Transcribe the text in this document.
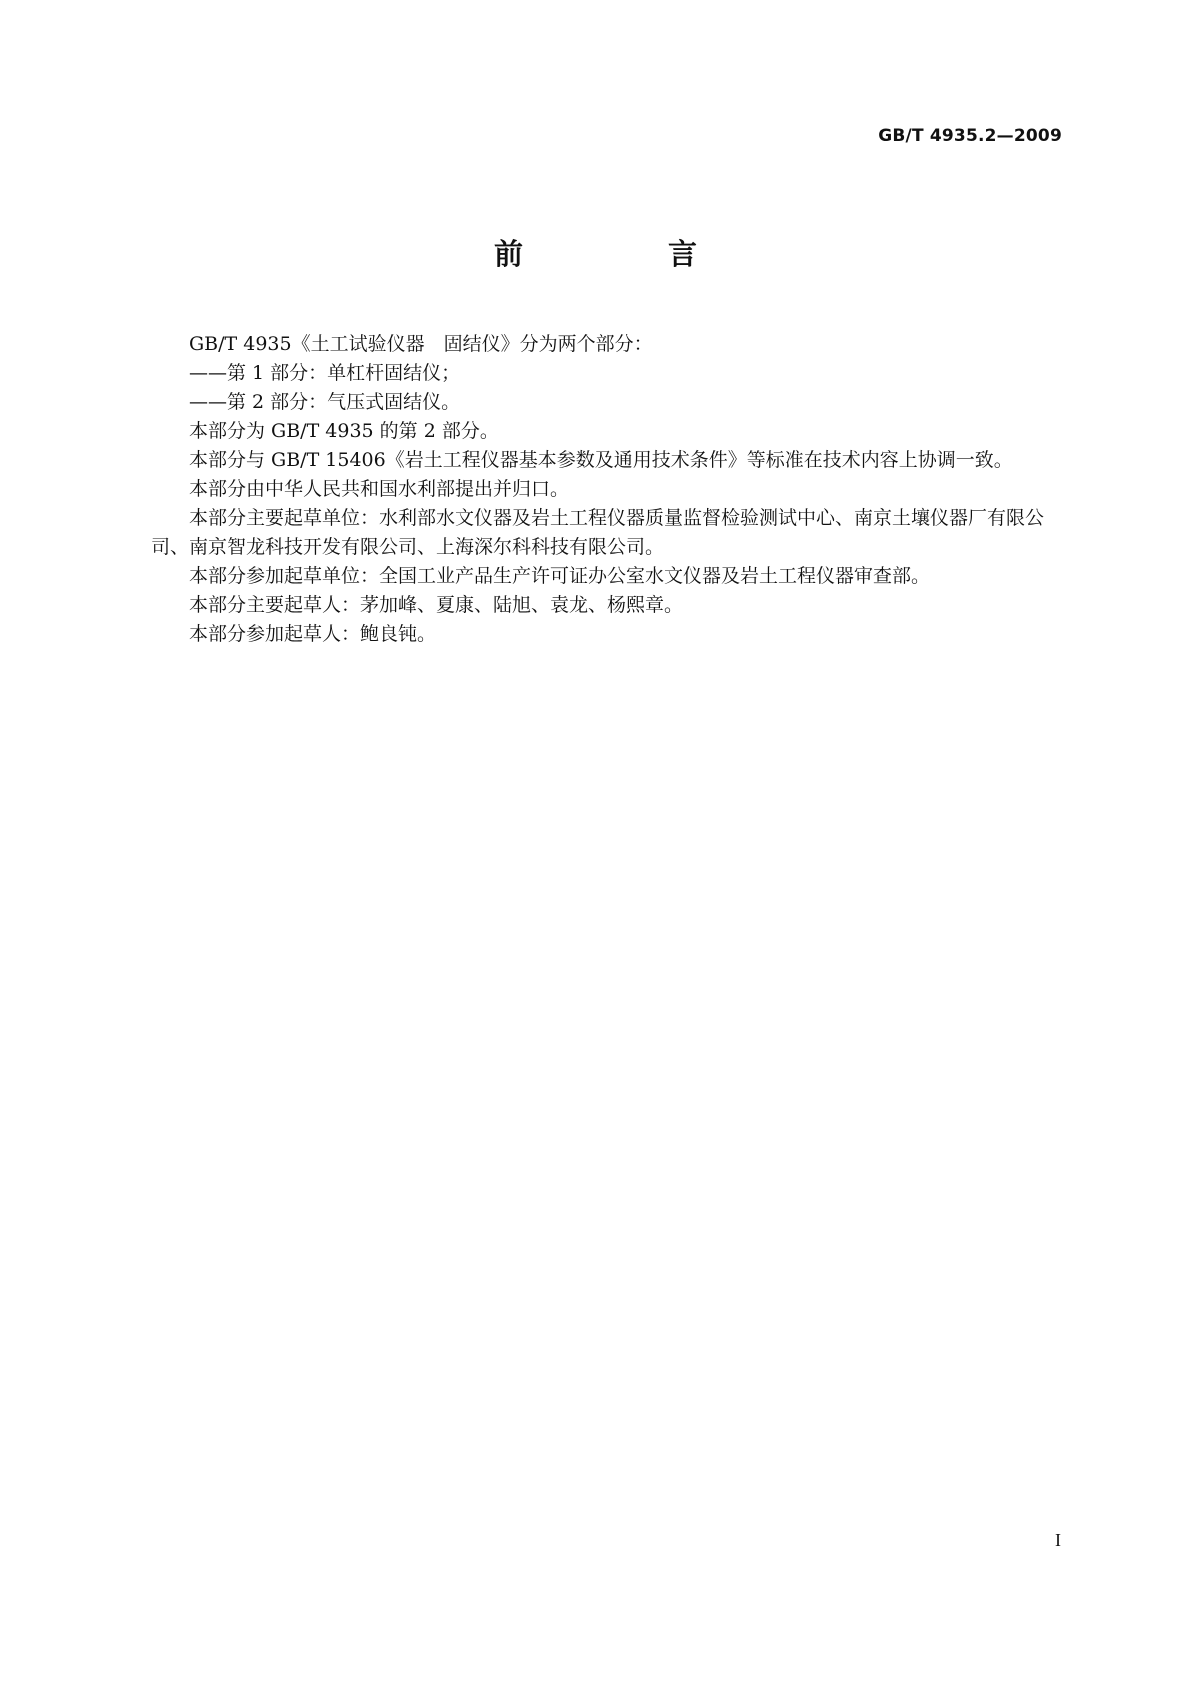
GB/T 4935.2—2009
前　言

GB/T 4935《土工试验仪器　固结仪》分为两个部分：

——第 1 部分：单杠杆固结仪；

——第 2 部分：气压式固结仪。

本部分为 GB/T 4935 的第 2 部分。

本部分与 GB/T 15406《岩土工程仪器基本参数及通用技术条件》等标准在技术内容上协调一致。

本部分由中华人民共和国水利部提出并归口。

本部分主要起草单位：水利部水文仪器及岩土工程仪器质量监督检验测试中心、南京土壤仪器厂有限公司、南京智龙科技开发有限公司、上海深尔科科技有限公司。

本部分参加起草单位：全国工业产品生产许可证办公室水文仪器及岩土工程仪器审查部。

本部分主要起草人：茅加峰、夏康、陆旭、袁龙、杨熙章。

本部分参加起草人：鲍良钝。

I
